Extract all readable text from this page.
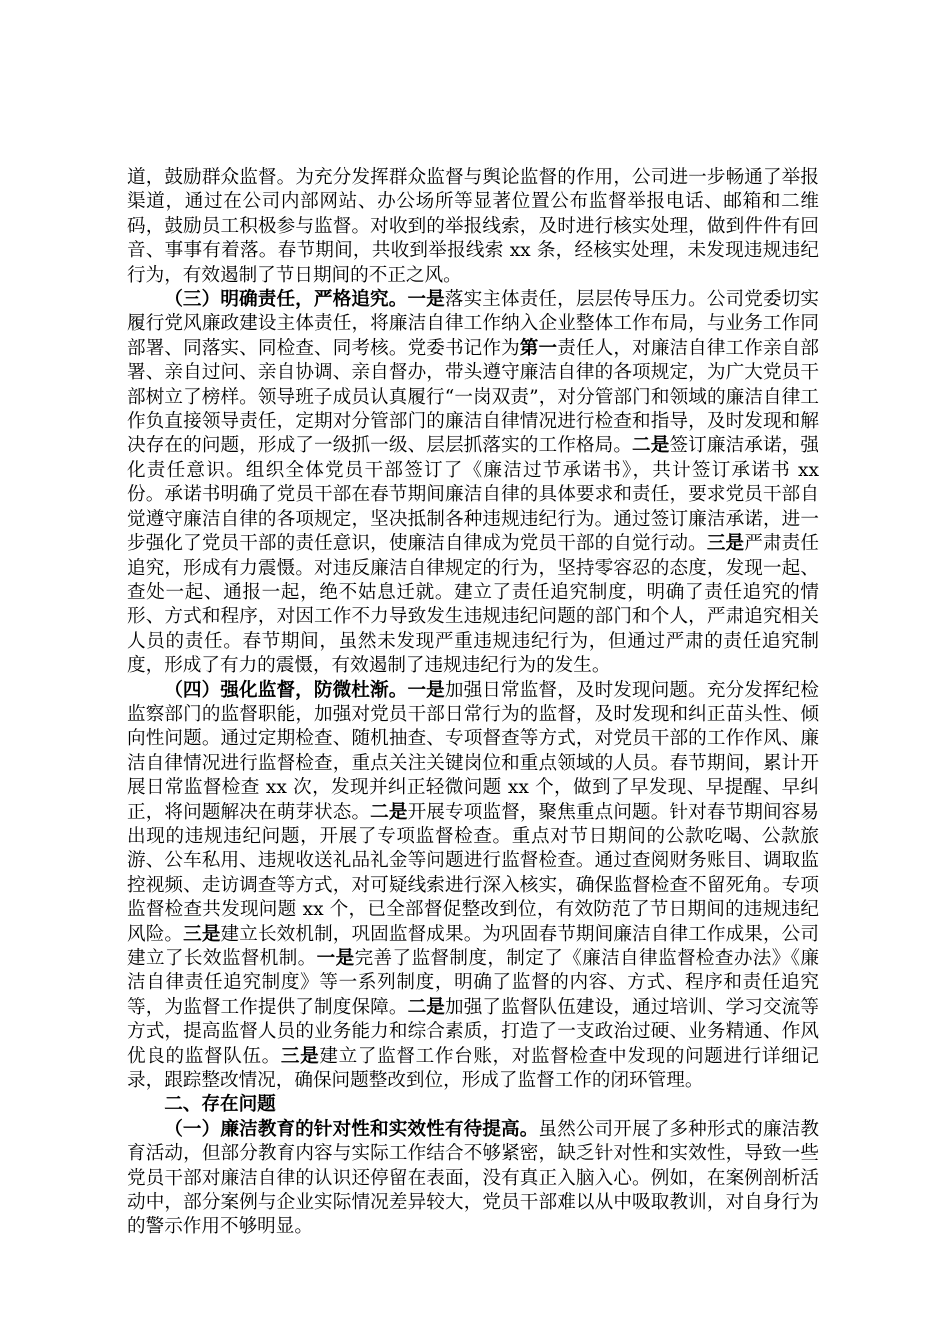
道，鼓励群众监督。为充分发挥群众监督与舆论监督的作用，公司进一步畅通了举报渠道，通过在公司内部网站、办公场所等显著位置公布监督举报电话、邮箱和二维码，鼓励员工积极参与监督。对收到的举报线索，及时进行核实处理，做到件件有回音、事事有着落。春节期间，共收到举报线索 xx 条，经核实处理，未发现违规违纪行为，有效遏制了节日期间的不正之风。

（三）明确责任，严格追究。一是落实主体责任，层层传导压力。公司党委切实履行党风廉政建设主体责任，将廉洁自律工作纳入企业整体工作布局，与业务工作同部署、同落实、同检查、同考核。党委书记作为第一责任人，对廉洁自律工作亲自部署、亲自过问、亲自协调、亲自督办，带头遵守廉洁自律的各项规定，为广大党员干部树立了榜样。领导班子成员认真履行“一岗双责”，对分管部门和领域的廉洁自律工作负直接领导责任，定期对分管部门的廉洁自律情况进行检查和指导，及时发现和解决存在的问题，形成了一级抓一级、层层抓落实的工作格局。二是签订廉洁承诺，强化责任意识。组织全体党员干部签订了《廉洁过节承诺书》，共计签订承诺书 xx 份。承诺书明确了党员干部在春节期间廉洁自律的具体要求和责任，要求党员干部自觉遵守廉洁自律的各项规定，坚决抵制各种违规违纪行为。通过签订廉洁承诺，进一步强化了党员干部的责任意识，使廉洁自律成为党员干部的自觉行动。三是严肃责任追究，形成有力震慑。对违反廉洁自律规定的行为，坚持零容忍的态度，发现一起、查处一起、通报一起，绝不姑息迁就。建立了责任追究制度，明确了责任追究的情形、方式和程序，对因工作不力导致发生违规违纪问题的部门和个人，严肃追究相关人员的责任。春节期间，虽然未发现严重违规违纪行为，但通过严肃的责任追究制度，形成了有力的震慑，有效遏制了违规违纪行为的发生。

（四）强化监督，防微杜渐。一是加强日常监督，及时发现问题。充分发挥纪检监察部门的监督职能，加强对党员干部日常行为的监督，及时发现和纠正苗头性、倾向性问题。通过定期检查、随机抽查、专项督查等方式，对党员干部的工作作风、廉洁自律情况进行监督检查，重点关注关键岗位和重点领域的人员。春节期间，累计开展日常监督检查 xx 次，发现并纠正轻微问题 xx 个，做到了早发现、早提醒、早纠正，将问题解决在萌芽状态。二是开展专项监督，聚焦重点问题。针对春节期间容易出现的违规违纪问题，开展了专项监督检查。重点对节日期间的公款吃喝、公款旅游、公车私用、违规收送礼品礼金等问题进行监督检查。通过查阅财务账目、调取监控视频、走访调查等方式，对可疑线索进行深入核实，确保监督检查不留死角。专项监督检查共发现问题 xx 个，已全部督促整改到位，有效防范了节日期间的违规违纪风险。三是建立长效机制，巩固监督成果。为巩固春节期间廉洁自律工作成果，公司建立了长效监督机制。一是完善了监督制度，制定了《廉洁自律监督检查办法》《廉洁自律责任追究制度》等一系列制度，明确了监督的内容、方式、程序和责任追究等，为监督工作提供了制度保障。二是加强了监督队伍建设，通过培训、学习交流等方式，提高监督人员的业务能力和综合素质，打造了一支政治过硬、业务精通、作风优良的监督队伍。三是建立了监督工作台账，对监督检查中发现的问题进行详细记录，跟踪整改情况，确保问题整改到位，形成了监督工作的闭环管理。

二、存在问题

（一）廉洁教育的针对性和实效性有待提高。虽然公司开展了多种形式的廉洁教育活动，但部分教育内容与实际工作结合不够紧密，缺乏针对性和实效性，导致一些党员干部对廉洁自律的认识还停留在表面，没有真正入脑入心。例如，在案例剖析活动中，部分案例与企业实际情况差异较大，党员干部难以从中吸取教训，对自身行为的警示作用不够明显。
